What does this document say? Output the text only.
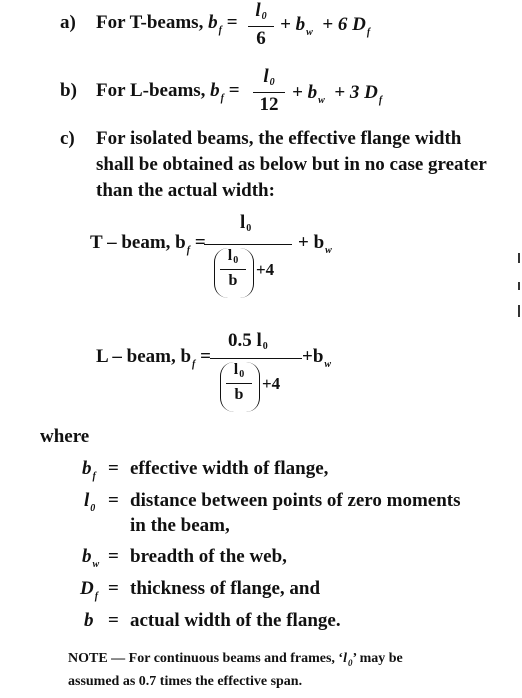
a) For T-beams, $b_f$ =
l0
6
+ $b_w + 6$ $D_f$
b) For L-beams, $b_f$ =
l0
12
+ $b_w + 3$ $D_f$
c) For isolated beams, the effective flange width
shall be obtained as below but in no case greater
than the actual width:
T – beam, $b_f$ =
l0
l0
b
+4
+ $b_w$
L – beam, $b_f$ =
0.5 l0
l0
b
+4
$+b_w$
where
$b_f$ = effective width of flange,
$l_0$ = distance between points of zero moments
in the beam,
$b_w$ = breadth of the web,
$D_f$ = thickness of flange, and
b = actual width of the flange.
NOTE — For continuous beams and frames, ‘$l_0$’ may be
assumed as 0.7 times the effective span.
